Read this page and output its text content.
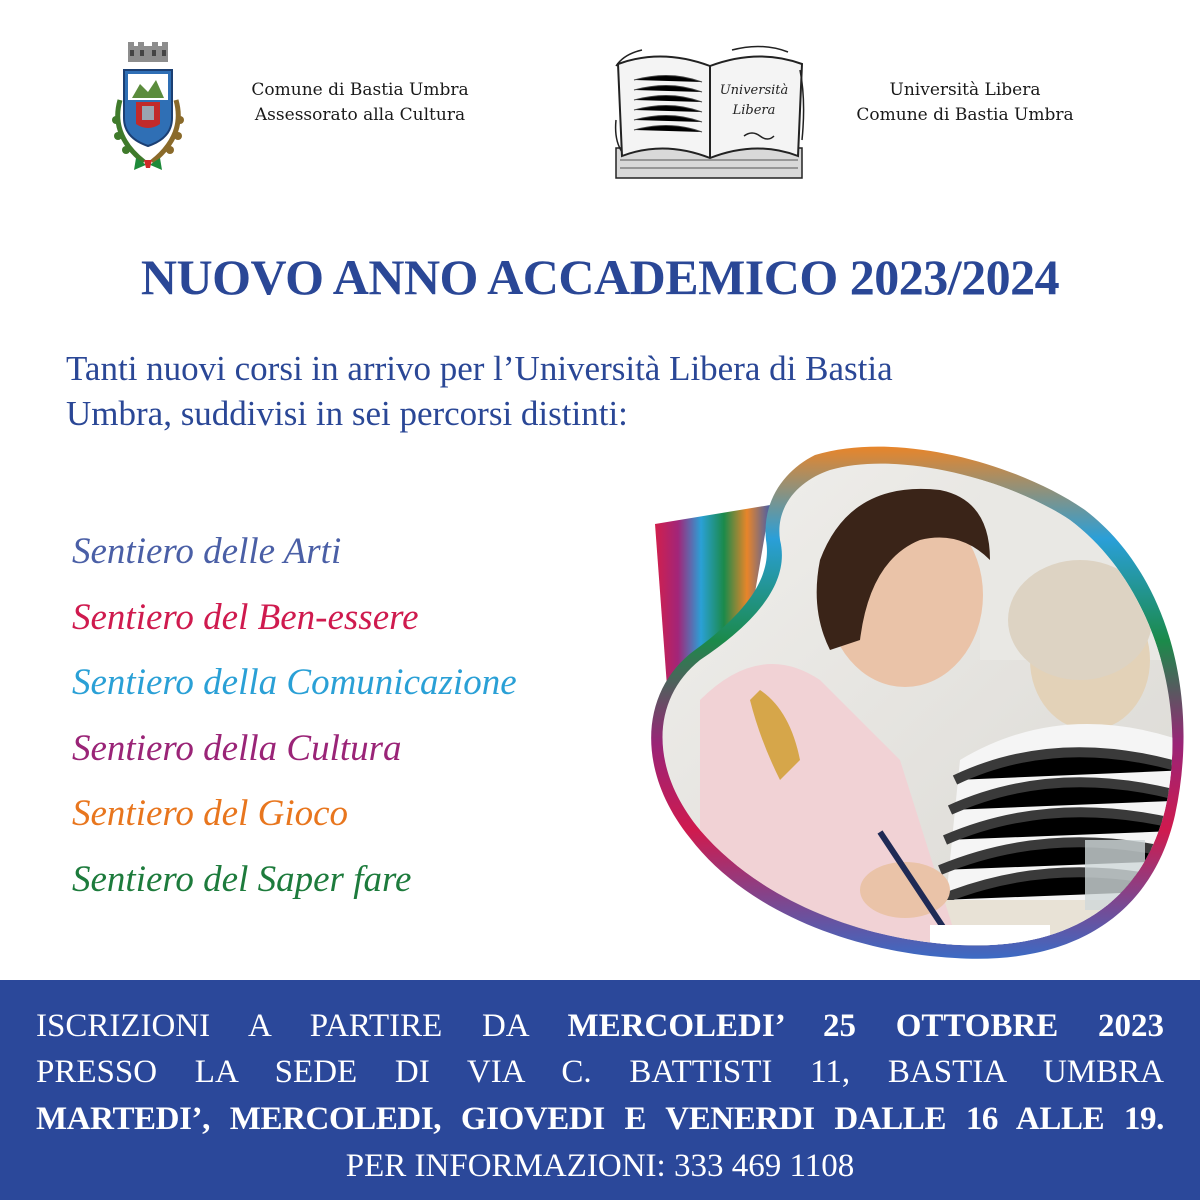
Comune di Bastia Umbra
Assessorato alla Cultura
Università
Libera
Università Libera
Comune di Bastia Umbra
NUOVO ANNO ACCADEMICO 2023/2024
Tanti nuovi corsi in arrivo per l’Università Libera di Bastia
Umbra, suddivisi in sei percorsi distinti:
Sentiero delle Arti
Sentiero del Ben-essere
Sentiero della Comunicazione
Sentiero della Cultura
Sentiero del Gioco
Sentiero del Saper fare
ISCRIZIONI A PARTIRE DA MERCOLEDI’ 25 OTTOBRE 2023
PRESSO LA SEDE DI VIA C. BATTISTI 11, BASTIA UMBRA
MARTEDI’, MERCOLEDI, GIOVEDI E VENERDI DALLE 16 ALLE 19.
PER INFORMAZIONI: 333 469 1108
